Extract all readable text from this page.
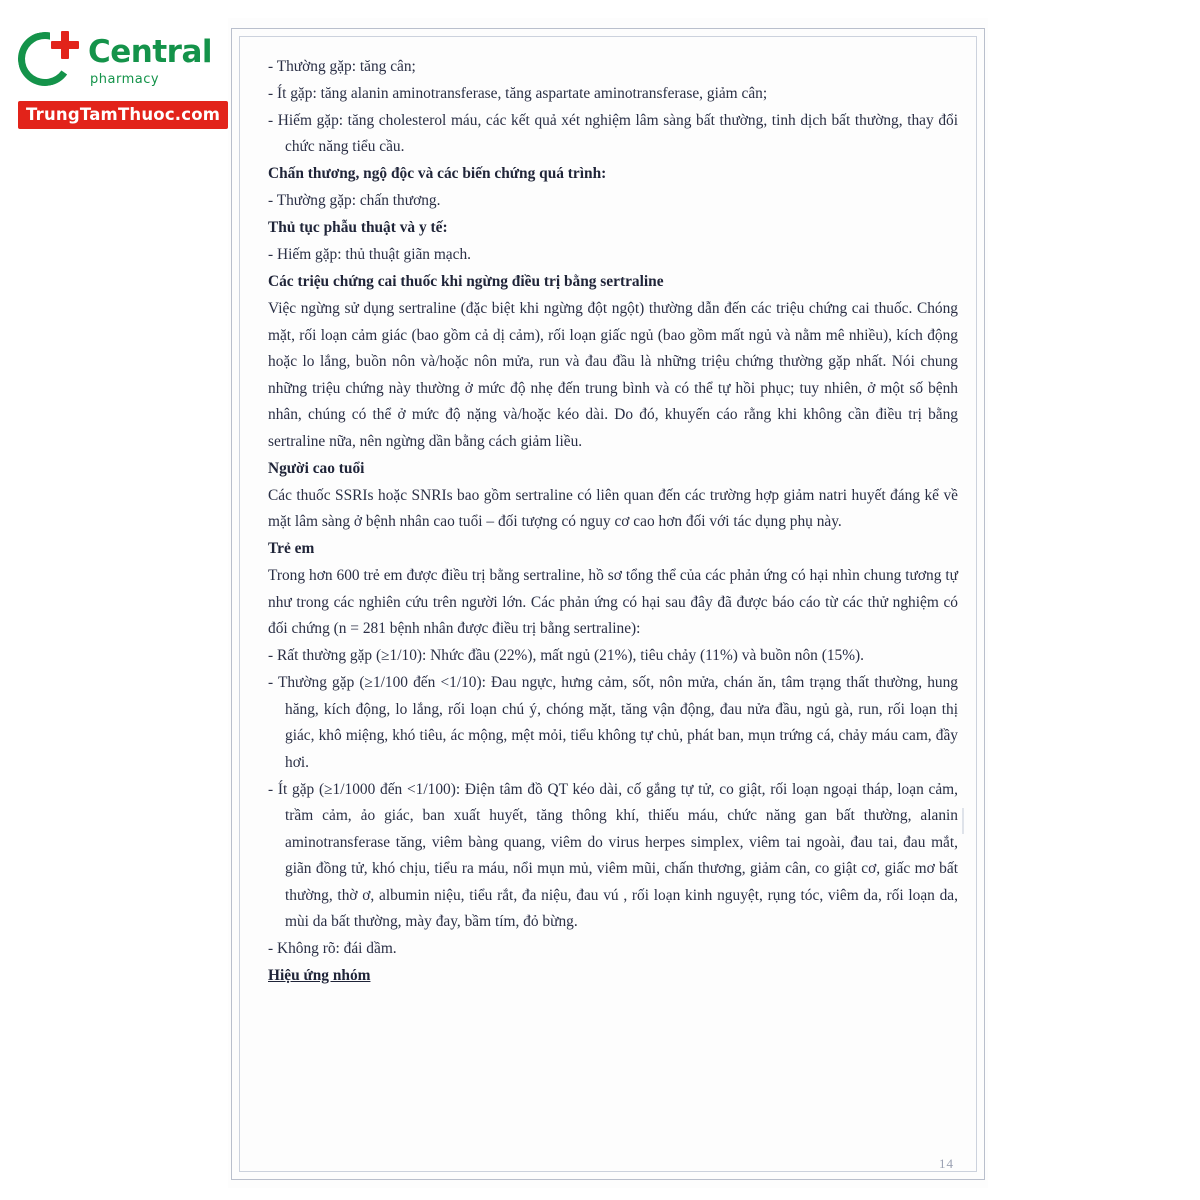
Central
pharmacy
TrungTamThuoc.com

- Thường gặp: tăng cân;

- Ít gặp: tăng alanin aminotransferase, tăng aspartate aminotransferase, giảm cân;

- Hiếm gặp: tăng cholesterol máu, các kết quả xét nghiệm lâm sàng bất thường, tinh dịch bất thường, thay đổi chức năng tiểu cầu.

Chấn thương, ngộ độc và các biến chứng quá trình:

- Thường gặp: chấn thương.

Thủ tục phẫu thuật và y tế:

- Hiếm gặp: thủ thuật giãn mạch.

Các triệu chứng cai thuốc khi ngừng điều trị bằng sertraline

Việc ngừng sử dụng sertraline (đặc biệt khi ngừng đột ngột) thường dẫn đến các triệu chứng cai thuốc. Chóng mặt, rối loạn cảm giác (bao gồm cả dị cảm), rối loạn giấc ngủ (bao gồm mất ngủ và nằm mê nhiều), kích động hoặc lo lắng, buồn nôn và/hoặc nôn mửa, run và đau đầu là những triệu chứng thường gặp nhất. Nói chung những triệu chứng này thường ở mức độ nhẹ đến trung bình và có thể tự hồi phục; tuy nhiên, ở một số bệnh nhân, chúng có thể ở mức độ nặng và/hoặc kéo dài. Do đó, khuyến cáo rằng khi không cần điều trị bằng sertraline nữa, nên ngừng dần bằng cách giảm liều.

Người cao tuổi

Các thuốc SSRIs hoặc SNRIs bao gồm sertraline có liên quan đến các trường hợp giảm natri huyết đáng kể về mặt lâm sàng ở bệnh nhân cao tuổi – đối tượng có nguy cơ cao hơn đối với tác dụng phụ này.

Trẻ em

Trong hơn 600 trẻ em được điều trị bằng sertraline, hồ sơ tổng thể của các phản ứng có hại nhìn chung tương tự như trong các nghiên cứu trên người lớn. Các phản ứng có hại sau đây đã được báo cáo từ các thử nghiệm có đối chứng (n = 281 bệnh nhân được điều trị bằng sertraline):

- Rất thường gặp (≥1/10): Nhức đầu (22%), mất ngủ (21%), tiêu chảy (11%) và buồn nôn (15%).

- Thường gặp (≥1/100 đến <1/10): Đau ngực, hưng cảm, sốt, nôn mửa, chán ăn, tâm trạng thất thường, hung hăng, kích động, lo lắng, rối loạn chú ý, chóng mặt, tăng vận động, đau nửa đầu, ngủ gà, run, rối loạn thị giác, khô miệng, khó tiêu, ác mộng, mệt mỏi, tiểu không tự chủ, phát ban, mụn trứng cá, chảy máu cam, đầy hơi.

- Ít gặp (≥1/1000 đến <1/100): Điện tâm đồ QT kéo dài, cố gắng tự tử, co giật, rối loạn ngoại tháp, loạn cảm, trầm cảm, ảo giác, ban xuất huyết, tăng thông khí, thiếu máu, chức năng gan bất thường, alanin aminotransferase tăng, viêm bàng quang, viêm do virus herpes simplex, viêm tai ngoài, đau tai, đau mắt, giãn đồng tử, khó chịu, tiểu ra máu, nổi mụn mủ, viêm mũi, chấn thương, giảm cân, co giật cơ, giấc mơ bất thường, thờ ơ, albumin niệu, tiểu rắt, đa niệu, đau vú , rối loạn kinh nguyệt, rụng tóc, viêm da, rối loạn da, mùi da bất thường, mày đay, bầm tím, đỏ bừng.

- Không rõ: đái dầm.

Hiệu ứng nhóm

14
